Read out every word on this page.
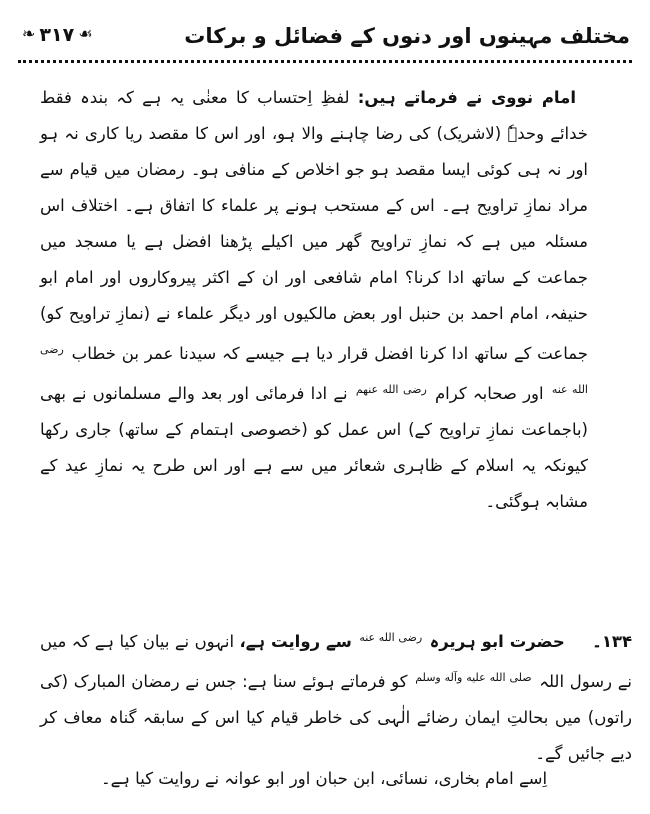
مختلف مہینوں اور دنوں کے فضائل و برکات
❧ ۳۱۷ ☙

امام نووی نے فرماتے ہیں: لفظِ اِحتساب کا معنٰی یہ ہے کہ بندہ فقط خدائے وحدہٗ (لاشریک) کی رضا چاہنے والا ہو، اور اس کا مقصد ریا کاری نہ ہو اور نہ ہی کوئی ایسا مقصد ہو جو اخلاص کے منافی ہو۔ رمضان میں قیام سے مراد نمازِ تراویح ہے۔ اس کے مستحب ہونے پر علماء کا اتفاق ہے۔ اختلاف اس مسئلہ میں ہے کہ نمازِ تراویح گھر میں اکیلے پڑھنا افضل ہے یا مسجد میں جماعت کے ساتھ ادا کرنا؟ امام شافعی اور ان کے اکثر پیروکاروں اور امام ابو حنیفہ، امام احمد بن حنبل اور بعض مالکیوں اور دیگر علماء نے (نمازِ تراویح کو) جماعت کے ساتھ ادا کرنا افضل قرار دیا ہے جیسے کہ سیدنا عمر بن خطاب $^{رضی الله عنه}$ اور صحابہ کرام $^{رضی الله عنهم}$ نے ادا فرمائی اور بعد والے مسلمانوں نے بھی (باجماعت نمازِ تراویح کے) اس عمل کو (خصوصی اہتمام کے ساتھ) جاری رکھا کیونکہ یہ اسلام کے ظاہری شعائر میں سے ہے اور اس طرح یہ نمازِ عید کے مشابہ ہوگئی۔

۱۳۴۔ حضرت ابو ہریرہ $^{رضی الله عنه}$ سے روایت ہے، انہوں نے بیان کیا ہے کہ میں نے رسول اللہ $^{صلى الله عليه وآله وسلم}$ کو فرماتے ہوئے سنا ہے: جس نے رمضان المبارک (کی راتوں) میں بحالتِ ایمان رضائے الٰہی کی خاطر قیام کیا اس کے سابقہ گناہ معاف کر دیے جائیں گے۔

اِسے امام بخاری، نسائی، ابن حبان اور ابو عوانہ نے روایت کیا ہے۔
